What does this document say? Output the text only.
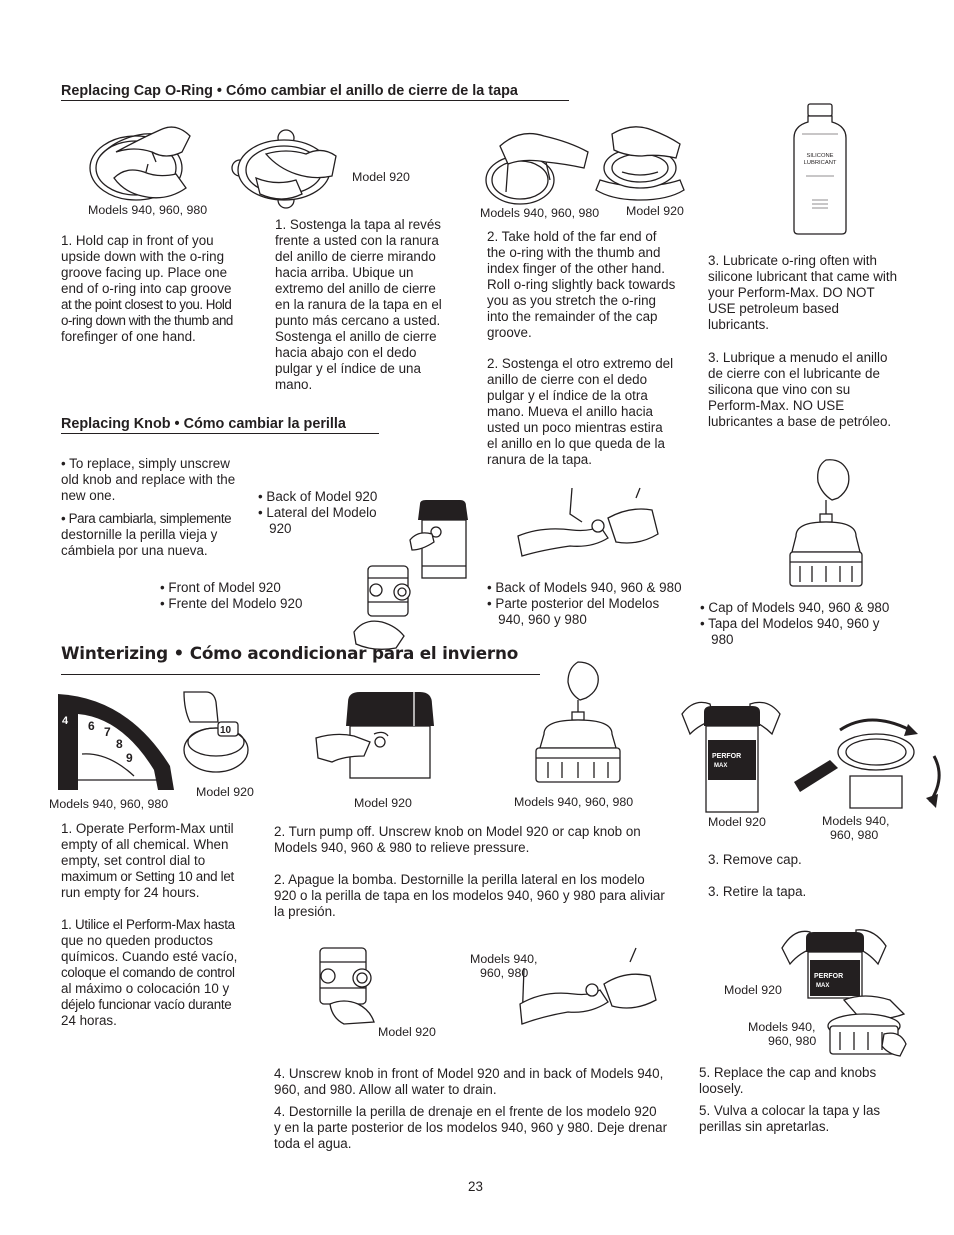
Replacing Cap O-Ring • Cómo cambiar el anillo de cierre de la tapa
Model 920
Models 940, 960, 980	Models 940, 960, 980 Model 920
SILICONE
LUBRICANT
1. Hold cap in front of you
upside down with the o-ring
groove facing up. Place one
end of o-ring into cap groove
at the point closest to you. Hold
o-ring down with the thumb and
forefinger of one hand.
1. Sostenga la tapa al revés
frente a usted con la ranura
del anillo de cierre mirando
hacia arriba. Ubique un
extremo del anillo de cierre
en la ranura de la tapa en el
punto más cercano a usted.
Sostenga el anillo de cierre
hacia abajo con el dedo
pulgar y el índice de una
mano.
2. Take hold of the far end of
the o-ring with the thumb and
index finger of the other hand.
Roll o-ring slightly back towards
you as you stretch the o-ring
into the remainder of the cap
groove.
2. Sostenga el otro extremo del
anillo de cierre con el dedo
pulgar y el índice de la otra
mano. Mueva el anillo hacia
usted un poco mientras estira
el anillo en lo que queda de la
ranura de la tapa.
3. Lubricate o-ring often with
silicone lubricant that came with
your Perform-Max. DO NOT
USE petroleum based
lubricants.
3. Lubrique a menudo el anillo
de cierre con el lubricante de
silicona que vino con su
Perform-Max. NO USE
lubricantes a base de petróleo.
Replacing Knob • Cómo cambiar la perilla
• To replace, simply unscrew
old knob and replace with the
new one.
• Para cambiarla, simplemente
destornille la perilla vieja y
cámbiela por una nueva.
• Back of Model 920
• Lateral del Modelo
920
• Front of Model 920
• Frente del Modelo 920
• Back of Models 940, 960 & 980
• Parte posterior del Modelos
940, 960 y 980
• Cap of Models 940, 960 & 980
• Tapa del Modelos 940, 960 y
980
Winterizing • Cómo acondicionar para el invierno
4 5 6 7
8
9
10
Model 920
Models 940, 960, 980	Model 920	Models 940, 960, 980
PERFOR
MAX
Model 920	Models 940,
960, 980
1. Operate Perform-Max until
empty of all chemical. When
empty, set control dial to
maximum or Setting 10 and let
run empty for 24 hours.
1. Utilice el Perform-Max hasta
que no queden productos
químicos. Cuando esté vacío,
coloque el comando de control
al máximo o colocación 10 y
déjelo funcionar vacío durante
24 horas.
2. Turn pump off. Unscrew knob on Model 920 or cap knob on
Models 940, 960 & 980 to relieve pressure.
2. Apague la bomba. Destornille la perilla lateral en los modelo
920 o la perilla de tapa en los modelos 940, 960 y 980 para aliviar
la presión.
3. Remove cap.
3. Retire la tapa.
Model 920
Models 940,
960, 980	PERFOR
MAX
Model 920
Models 940,
960, 980
4. Unscrew knob in front of Model 920 and in back of Models 940,
960, and 980. Allow all water to drain.
4. Destornille la perilla de drenaje en el frente de los modelo 920
y en la parte posterior de los modelos 940, 960 y 980. Deje drenar
toda el agua.
5. Replace the cap and knobs
loosely.
5. Vulva a colocar la tapa y las
perillas sin apretarlas.
23
